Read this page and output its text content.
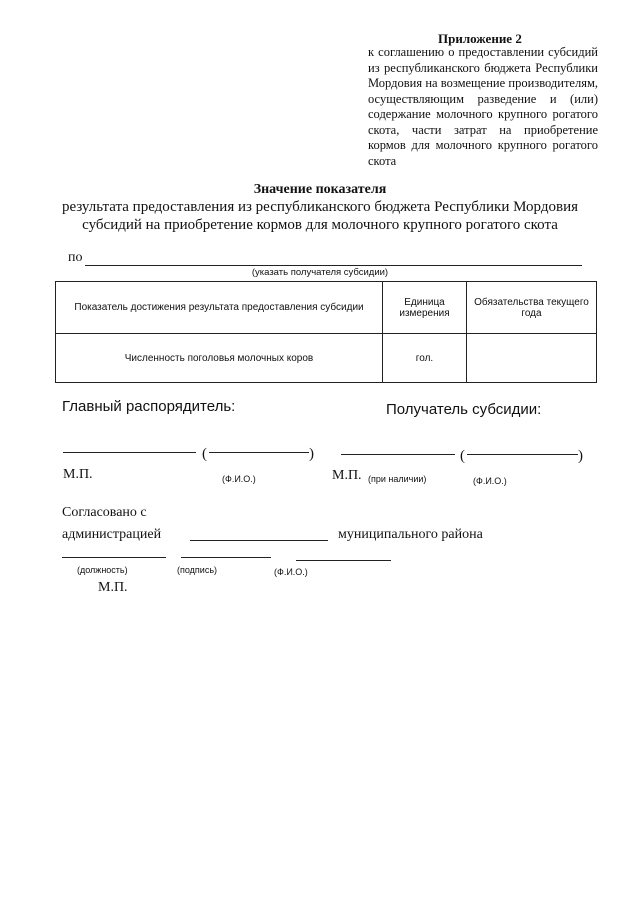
Приложение 2
к соглашению о предоставлении субсидий из республиканского бюджета Республики Мордовия на возмещение производителям, осуществляющим разведение и (или) содержание молочного крупного рогатого скота, части затрат на приобретение кормов для молочного крупного рогатого скота
Значение показателя
результата предоставления из республиканского бюджета Республики Мордовия
субсидий на приобретение кормов для молочного крупного рогатого скота
по
(указать получателя субсидии)
Показатель достижения результата предоставления субсидии	Единица измерения	Обязательства текущего года
Численность поголовья молочных коров	гол.	
Главный распорядитель:	Получатель субсидии:
(	)
М.П.	(Ф.И.О.)
(	)
М.П. (при наличии)	(Ф.И.О.)
Согласовано с
администрацией	муниципального района
(должность)	(подпись)	(Ф.И.О.)
М.П.
